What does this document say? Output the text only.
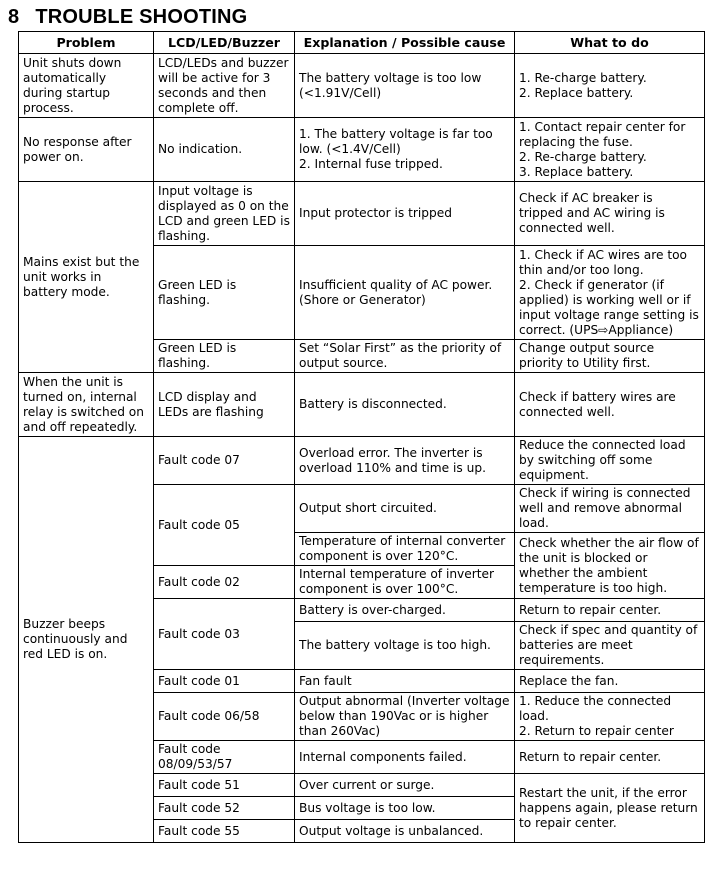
8 TROUBLE SHOOTING
Problem	LCD/LED/Buzzer	Explanation / Possible cause	What to do
Unit shuts down automatically during startup process.	LCD/LEDs and buzzer will be active for 3 seconds and then complete off.	The battery voltage is too low (<1.91V/Cell)	1. Re-charge battery.
2. Replace battery.

No response after power on.	No indication.	1. The battery voltage is far too low. (<1.4V/Cell)
2. Internal fuse tripped.	1. Contact repair center for replacing the fuse.
2. Re-charge battery.
3. Replace battery.

Mains exist but the unit works in battery mode.	Input voltage is displayed as 0 on the LCD and green LED is flashing.	Input protector is tripped	Check if AC breaker is tripped and AC wiring is connected well.
	Green LED is flashing.	Insufficient quality of AC power. (Shore or Generator)	1. Check if AC wires are too thin and/or too long.
2. Check if generator (if applied) is working well or if input voltage range setting is correct. (UPS⇨Appliance)

	Green LED is flashing.	Set “Solar First” as the priority of output source.	Change output source priority to Utility first.
When the unit is turned on, internal relay is switched on and off repeatedly.	LCD display and LEDs are flashing	Battery is disconnected.	Check if battery wires are connected well.
Buzzer beeps continuously and red LED is on.	Fault code 07	Overload error. The inverter is overload 110% and time is up.	Reduce the connected load by switching off some equipment.
	Fault code 05	Output short circuited.	Check if wiring is connected well and remove abnormal load.
		Temperature of internal converter component is over 120°C.	Check whether the air flow of the unit is blocked or whether the ambient temperature is too high.
	Fault code 02	Internal temperature of inverter component is over 100°C.	
	Fault code 03	Battery is over-charged.	Return to repair center.
		The battery voltage is too high.	Check if spec and quantity of batteries are meet requirements.
	Fault code 01	Fan fault	Replace the fan.
	Fault code 06/58	Output abnormal (Inverter voltage below than 190Vac or is higher than 260Vac)	1. Reduce the connected load.
2. Return to repair center

	Fault code 08/09/53/57	Internal components failed.	Return to repair center.
	Fault code 51	Over current or surge.	Restart the unit, if the error happens again, please return to repair center.
	Fault code 52	Bus voltage is too low.	
	Fault code 55	Output voltage is unbalanced.	
